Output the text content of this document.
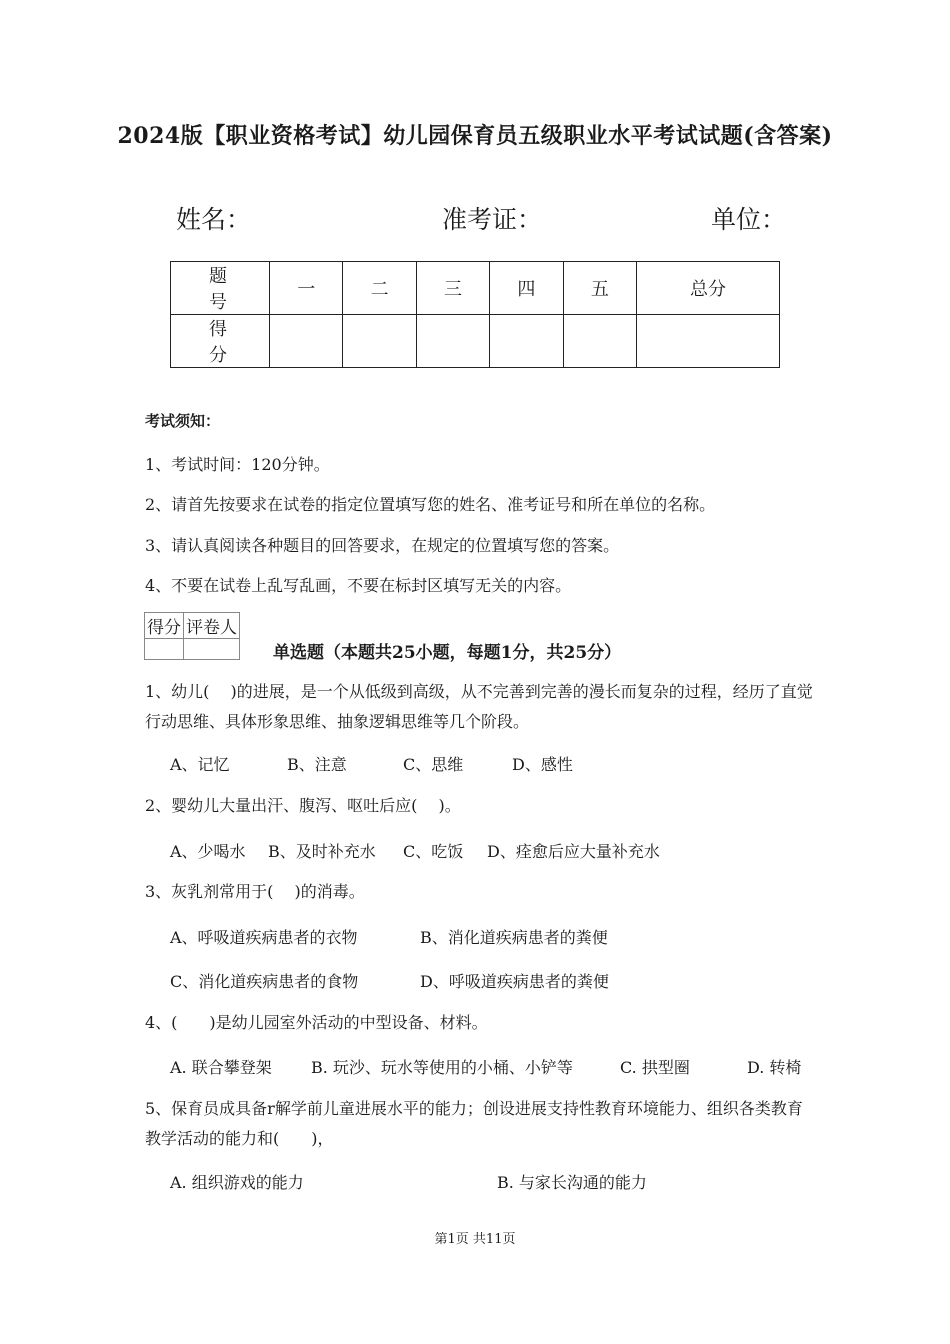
2024版【职业资格考试】幼儿园保育员五级职业水平考试试题(含答案)
姓名：	准考证：	单位：
题 号	一	二	三	四	五	总分
得 分						
考试须知：
1、考试时间：120分钟。
2、请首先按要求在试卷的指定位置填写您的姓名、准考证号和所在单位的名称。
3、请认真阅读各种题目的回答要求，在规定的位置填写您的答案。
4、不要在试卷上乱写乱画，不要在标封区填写无关的内容。
得分	评卷人

单选题（本题共25小题，每题1分，共25分）
1、幼儿(　 )的进展，是一个从低级到高级，从不完善到完善的漫长而复杂的过程，经历了直觉行动思维、具体形象思维、抽象逻辑思维等几个阶段。
A、记忆	B、注意	C、思维	D、感性
2、婴幼儿大量出汗、腹泻、呕吐后应(　 )。
A、少喝水 B、及时补充水 C、吃饭 D、痊愈后应大量补充水
3、灰乳剂常用于(　 )的消毒。
A、呼吸道疾病患者的衣物	B、消化道疾病患者的粪便
C、消化道疾病患者的食物	D、呼吸道疾病患者的粪便
4、(　　)是幼儿园室外活动的中型设备、材料。
A. 联合攀登架 B. 玩沙、玩水等使用的小桶、小铲等	C. 拱型圈	D. 转椅
5、保育员成具备r解学前儿童进展水平的能力；创设进展支持性教育环境能力、组织各类教育教学活动的能力和(　　)，
A. 组织游戏的能力	B. 与家长沟通的能力
第1页 共11页
